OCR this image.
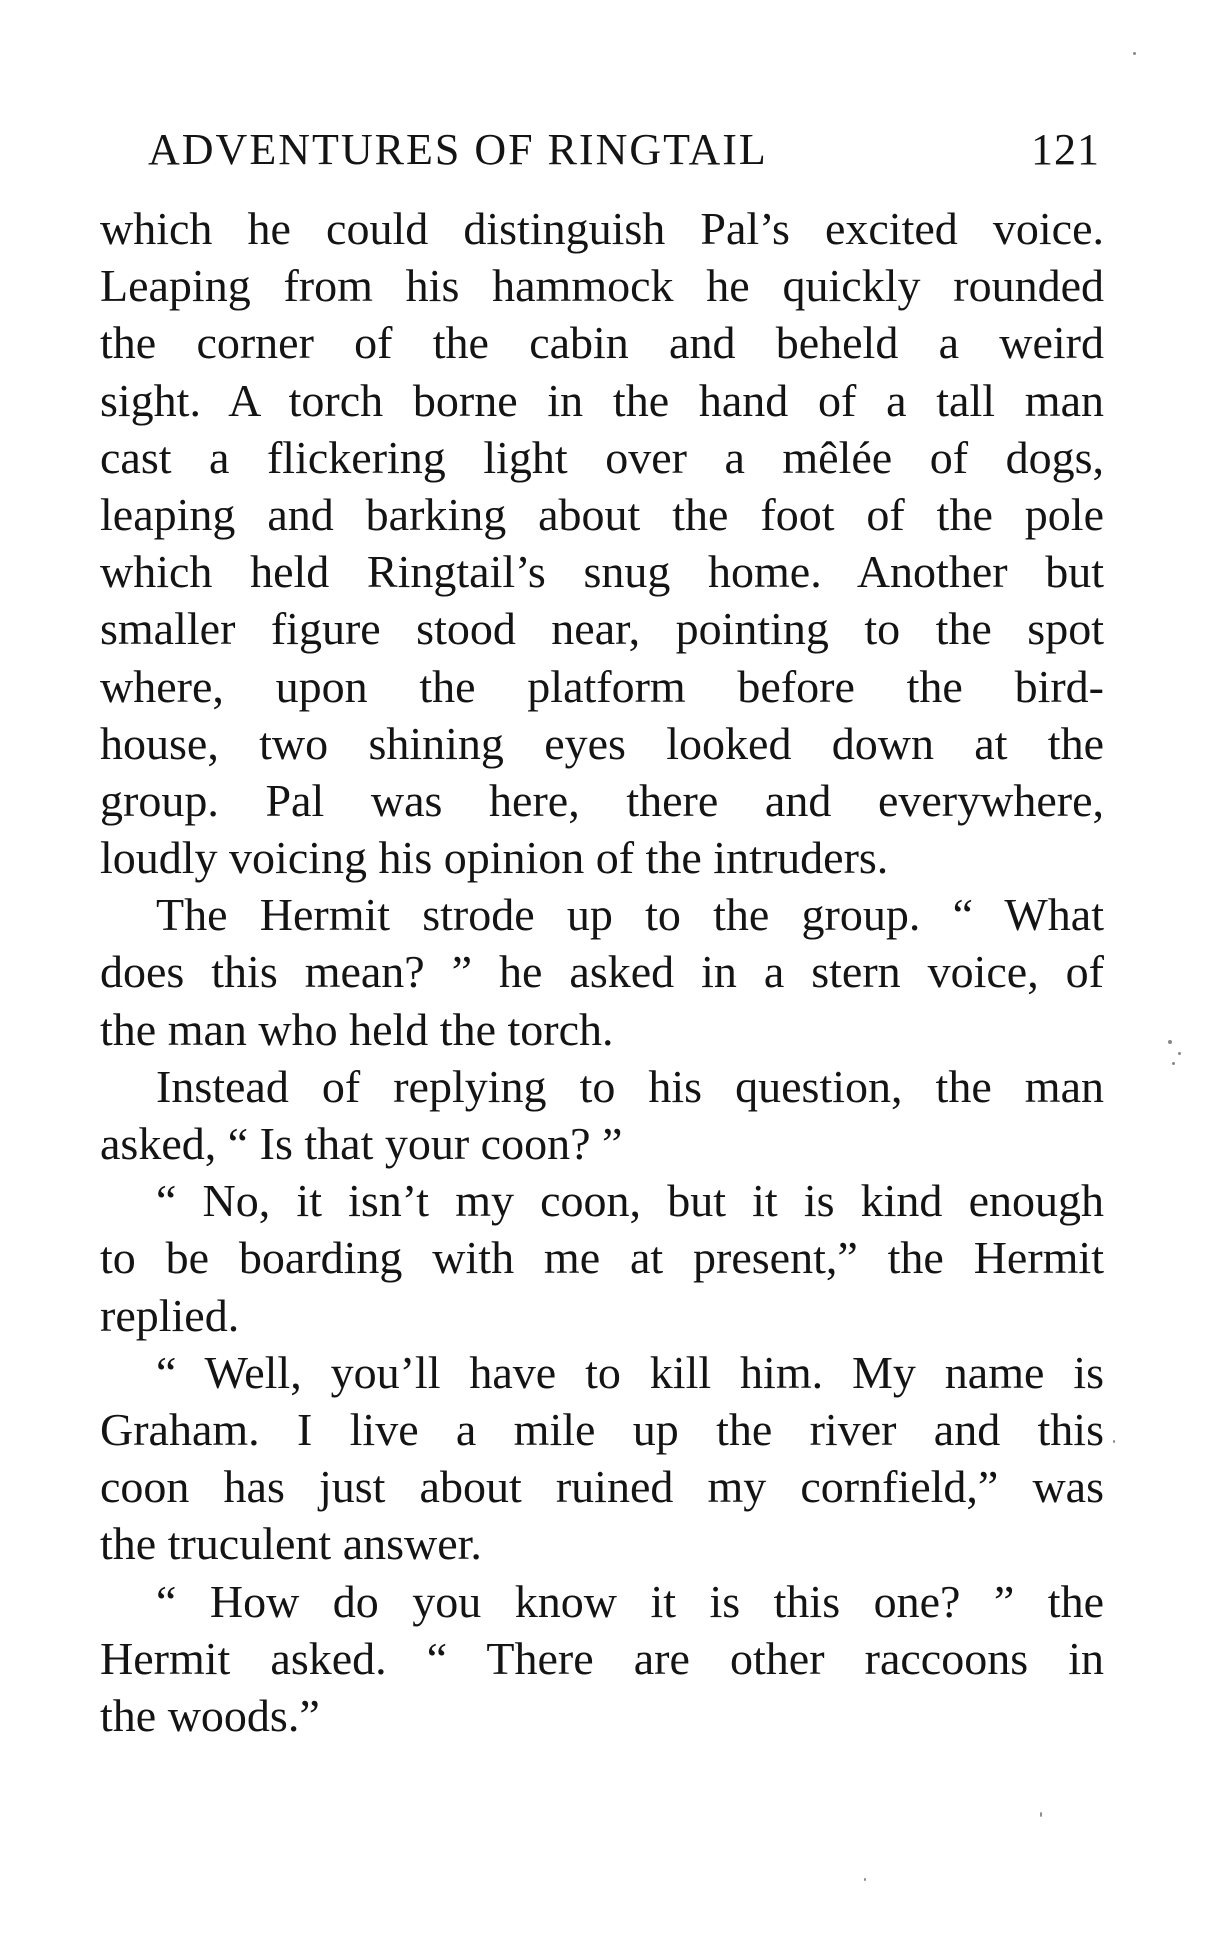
ADVENTURES OF RINGTAIL	121
which he could distinguish Pal’s excited voice.
Leaping from his hammock he quickly rounded
the corner of the cabin and beheld a weird
sight. A torch borne in the hand of a tall man
cast a flickering light over a mêlée of dogs,
leaping and barking about the foot of the pole
which held Ringtail’s snug home. Another but
smaller figure stood near, pointing to the spot
where, upon the platform before the bird-
house, two shining eyes looked down at the
group. Pal was here, there and everywhere,
loudly voicing his opinion of the intruders.
The Hermit strode up to the group. “ What
does this mean? ” he asked in a stern voice, of
the man who held the torch.
Instead of replying to his question, the man
asked, “ Is that your coon? ”
“ No, it isn’t my coon, but it is kind enough
to be boarding with me at present,” the Hermit
replied.
“ Well, you’ll have to kill him. My name is
Graham. I live a mile up the river and this
coon has just about ruined my cornfield,” was
the truculent answer.
“ How do you know it is this one? ” the
Hermit asked. “ There are other raccoons in
the woods.”
